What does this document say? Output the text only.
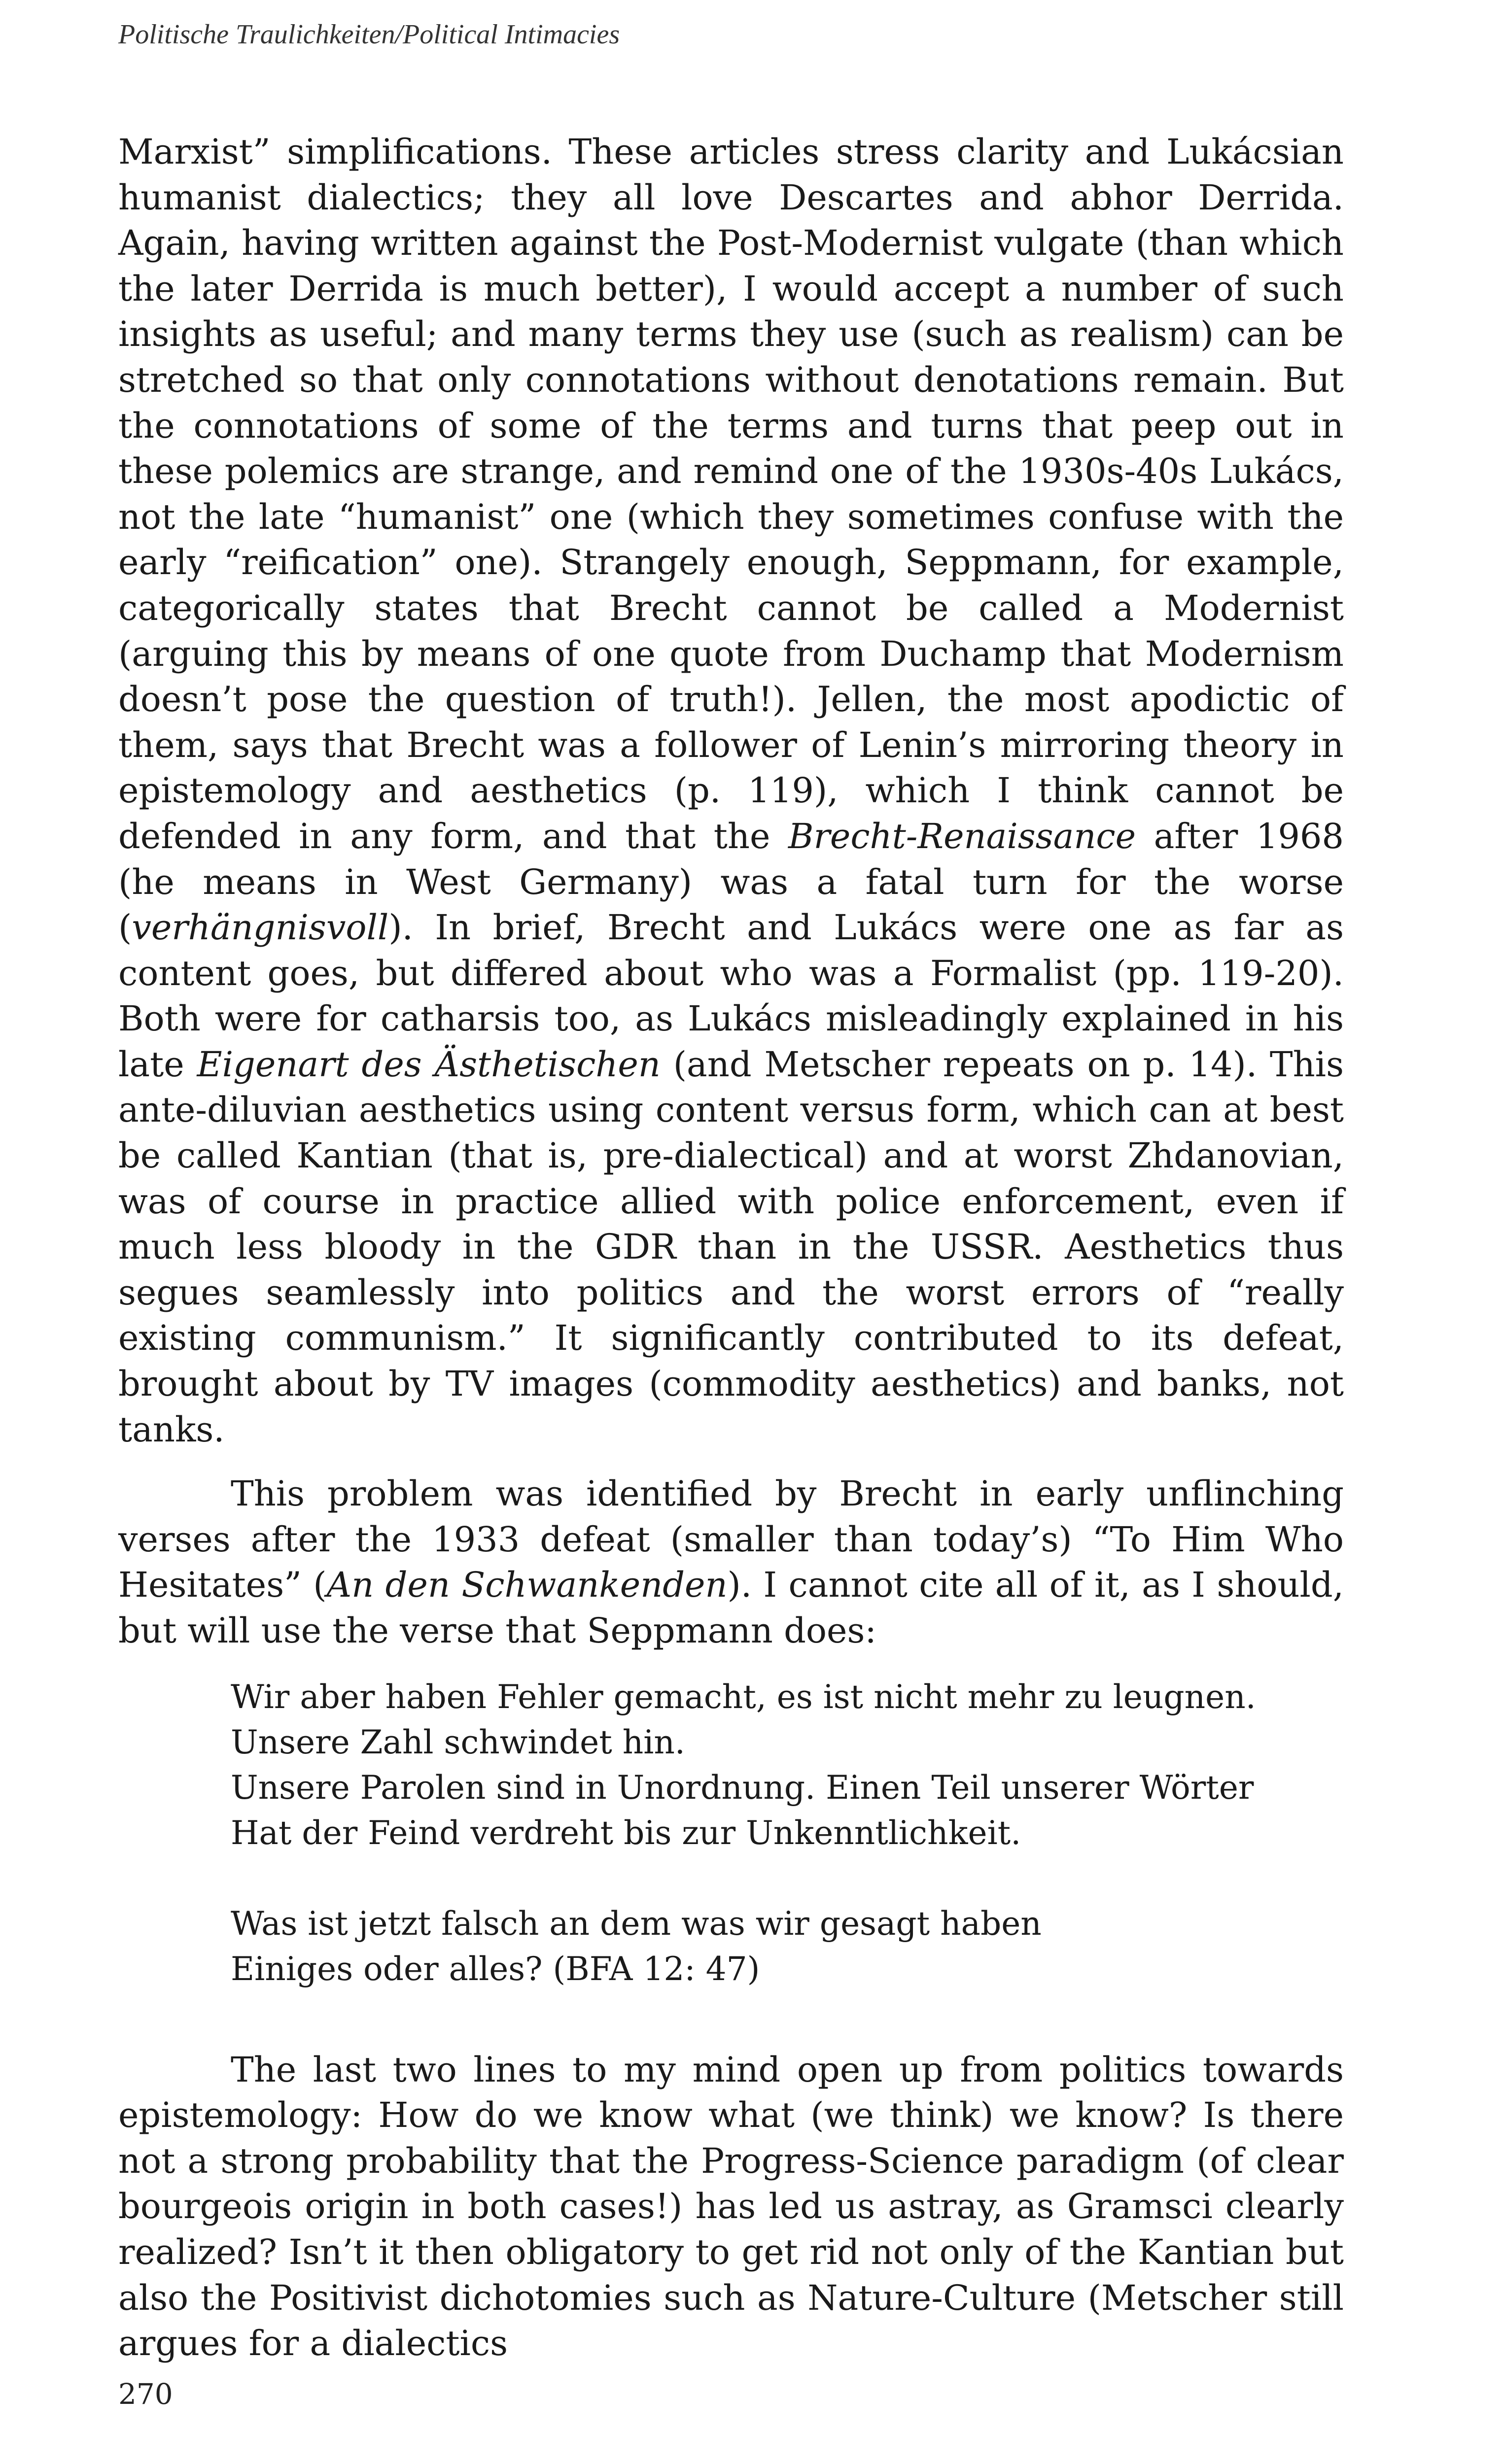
Politische Traulichkeiten/Political Intimacies

Marxist” simplifications. These articles stress clarity and Lukácsian humanist dialectics; they all love Descartes and abhor Derrida. Again, having written against the Post-Modernist vulgate (than which the later Derrida is much better), I would accept a number of such insights as useful; and many terms they use (such as realism) can be stretched so that only connotations without denotations remain. But the connotations of some of the terms and turns that peep out in these polemics are strange, and remind one of the 1930s-40s Lukács, not the late “humanist” one (which they sometimes confuse with the early “reification” one). Strangely enough, Seppmann, for example, categorically states that Brecht cannot be called a Modernist (arguing this by means of one quote from Duchamp that Modernism doesn’t pose the question of truth!). Jellen, the most apodictic of them, says that Brecht was a follower of Lenin’s mirroring theory in epistemology and aesthetics (p. 119), which I think cannot be defended in any form, and that the Brecht-Renaissance after 1968 (he means in West Germany) was a fatal turn for the worse (verhängnisvoll). In brief, Brecht and Lukács were one as far as content goes, but differed about who was a Formalist (pp. 119-20). Both were for catharsis too, as Lukács misleadingly explained in his late Eigenart des Ästhetischen (and Metscher repeats on p. 14). This ante-diluvian aesthetics using content versus form, which can at best be called Kantian (that is, pre-dialectical) and at worst Zhdanovian, was of course in practice allied with police enforcement, even if much less bloody in the GDR than in the USSR. Aesthetics thus segues seamlessly into politics and the worst errors of “really existing communism.” It significantly contributed to its defeat, brought about by TV images (commodity aesthetics) and banks, not tanks.

This problem was identified by Brecht in early unflinching verses after the 1933 defeat (smaller than today’s) “To Him Who Hesitates” (An den Schwankenden). I cannot cite all of it, as I should, but will use the verse that Seppmann does:

Wir aber haben Fehler gemacht, es ist nicht mehr zu leugnen.
Unsere Zahl schwindet hin.
Unsere Parolen sind in Unordnung. Einen Teil unserer Wörter
Hat der Feind verdreht bis zur Unkenntlichkeit.
Was ist jetzt falsch an dem was wir gesagt haben
Einiges oder alles? (BFA 12: 47)

The last two lines to my mind open up from politics towards epistemology: How do we know what (we think) we know? Is there not a strong probability that the Progress-Science paradigm (of clear bourgeois origin in both cases!) has led us astray, as Gramsci clearly realized? Isn’t it then obligatory to get rid not only of the Kantian but also the Positivist dichotomies such as Nature-Culture (Metscher still argues for a dialectics

270
